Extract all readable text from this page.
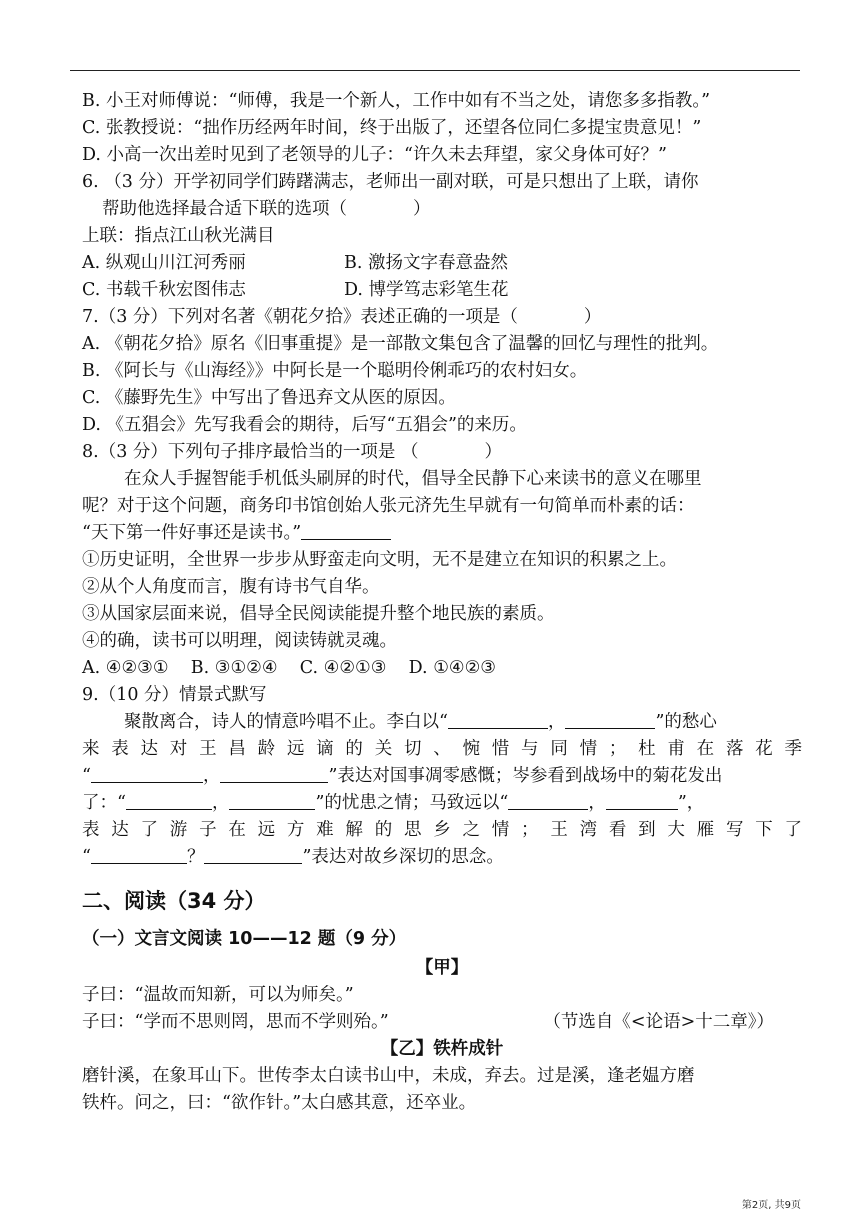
B. 小王对师傅说：“师傅，我是一个新人，工作中如有不当之处，请您多多指教。”
C. 张教授说：“拙作历经两年时间，终于出版了，还望各位同仁多提宝贵意见！”
D. 小高一次出差时见到了老领导的儿子：“许久未去拜望，家父身体可好？”
6. （3 分）开学初同学们踌躇满志，老师出一副对联，可是只想出了上联，请你
帮助他选择最合适下联的选项（	）
上联：指点江山秋光满目
A. 纵观山川江河秀丽	B. 激扬文字春意盎然
C. 书载千秋宏图伟志	D. 博学笃志彩笔生花
7.（3 分）下列对名著《朝花夕拾》表述正确的一项是（	）
A. 《朝花夕拾》原名《旧事重提》是一部散文集包含了温馨的回忆与理性的批判。
B. 《阿长与《山海经》》中阿长是一个聪明伶俐乖巧的农村妇女。
C. 《藤野先生》中写出了鲁迅弃文从医的原因。
D. 《五猖会》先写我看会的期待，后写“五猖会”的来历。
8.（3 分）下列句子排序最恰当的一项是 （	）
在众人手握智能手机低头刷屏的时代，倡导全民静下心来读书的意义在哪里
呢？对于这个问题，商务印书馆创始人张元济先生早就有一句简单而朴素的话：
“天下第一件好事还是读书。”
①历史证明，全世界一步步从野蛮走向文明，无不是建立在知识的积累之上。
②从个人角度而言，腹有诗书气自华。
③从国家层面来说，倡导全民阅读能提升整个地民族的素质。
④的确，读书可以明理，阅读铸就灵魂。
A. ④②③①    B. ③①②④    C. ④②①③    D. ①④②③
9.（10 分）情景式默写
聚散离合，诗人的情意吟唱不止。李白以“	，	”的愁心
来表达对王昌龄远谪的关切、惋惜与同情；杜甫在落花季
“	，	”表达对国事凋零感慨；岑参看到战场中的菊花发出
了：“	，	”的忧患之情；马致远以“	，	”，
表达了游子在远方难解的思乡之情；王湾看到大雁写下了
“	？	”表达对故乡深切的思念。
二、阅读（34 分）
（一）文言文阅读 10——12 题（9 分）
【甲】
子曰：“温故而知新，可以为师矣。”
子曰：“学而不思则罔，思而不学则殆。”	（节选自《<论语>十二章》）
【乙】铁杵成针
磨针溪，在象耳山下。世传李太白读书山中，未成，弃去。过是溪，逢老媪方磨
铁杵。问之，曰：“欲作针。”太白感其意，还卒业。
第2页, 共9页
